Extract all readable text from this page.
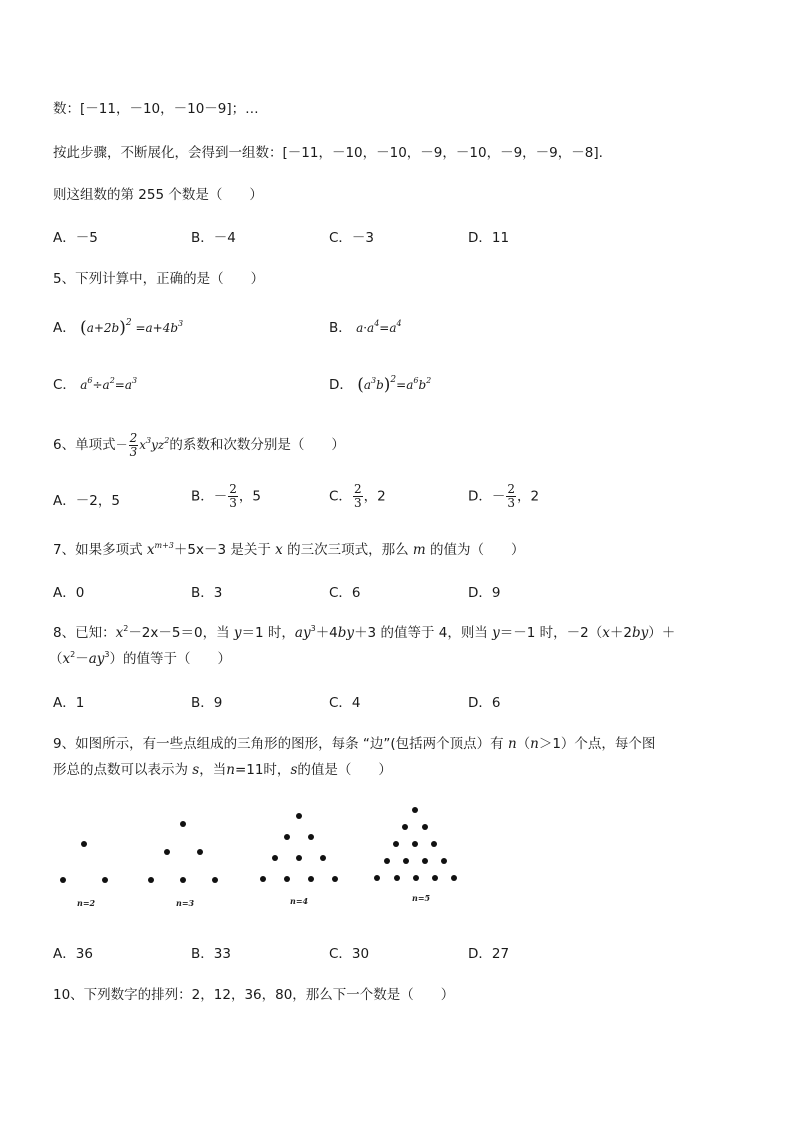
数：[－11，－10，－10－9]；…
按此步骤，不断展化，会得到一组数：[－11，－10，－10，－9，－10，－9，－9，－8].
则这组数的第 255 个数是（　　）
A．－5	B．－4	C．－3	D．11
5、下列计算中，正确的是（　　）
A． $(a+2b)^2 =a+4b^3$	B． $a\cdot a^4=a^4$
C． $a^6\div a^2=a^3$	D． $(a^3b)^2=a^6b^2$
6、单项式－ $\frac{2}{3} x^3yz^2$的系数和次数分别是（　　）
A．－2，5	B．－ $\frac{2}{3}$ ，5	C． $\frac{2}{3}$ ，2	D．－ $\frac{2}{3}$ ，2
7、如果多项式 $x^{m+3}+5x-3$ 是关于 x 的三次三项式，那么 m 的值为（　　）
A．0	B．3	C．6	D．9
8、已知：$x^2-2x-5=0$，当 y＝1 时，$ay^3+4by+3$ 的值等于 4，则当 y＝－1 时，－2（x＋2by）＋
$(x^2-ay^3)$的值等于（　　）
A．1	B．9	C．4	D．6
9、如图所示，有一些点组成的三角形的图形，每条 “边”(包括两个顶点）有 n（n＞1）个点，每个图
形总的点数可以表示为 s，当n=11时，s的值是（　　）
n=2	n=3	n=4	n=5
A．36	B．33	C．30	D．27
10、下列数字的排列：2，12，36，80，那么下一个数是（　　）
